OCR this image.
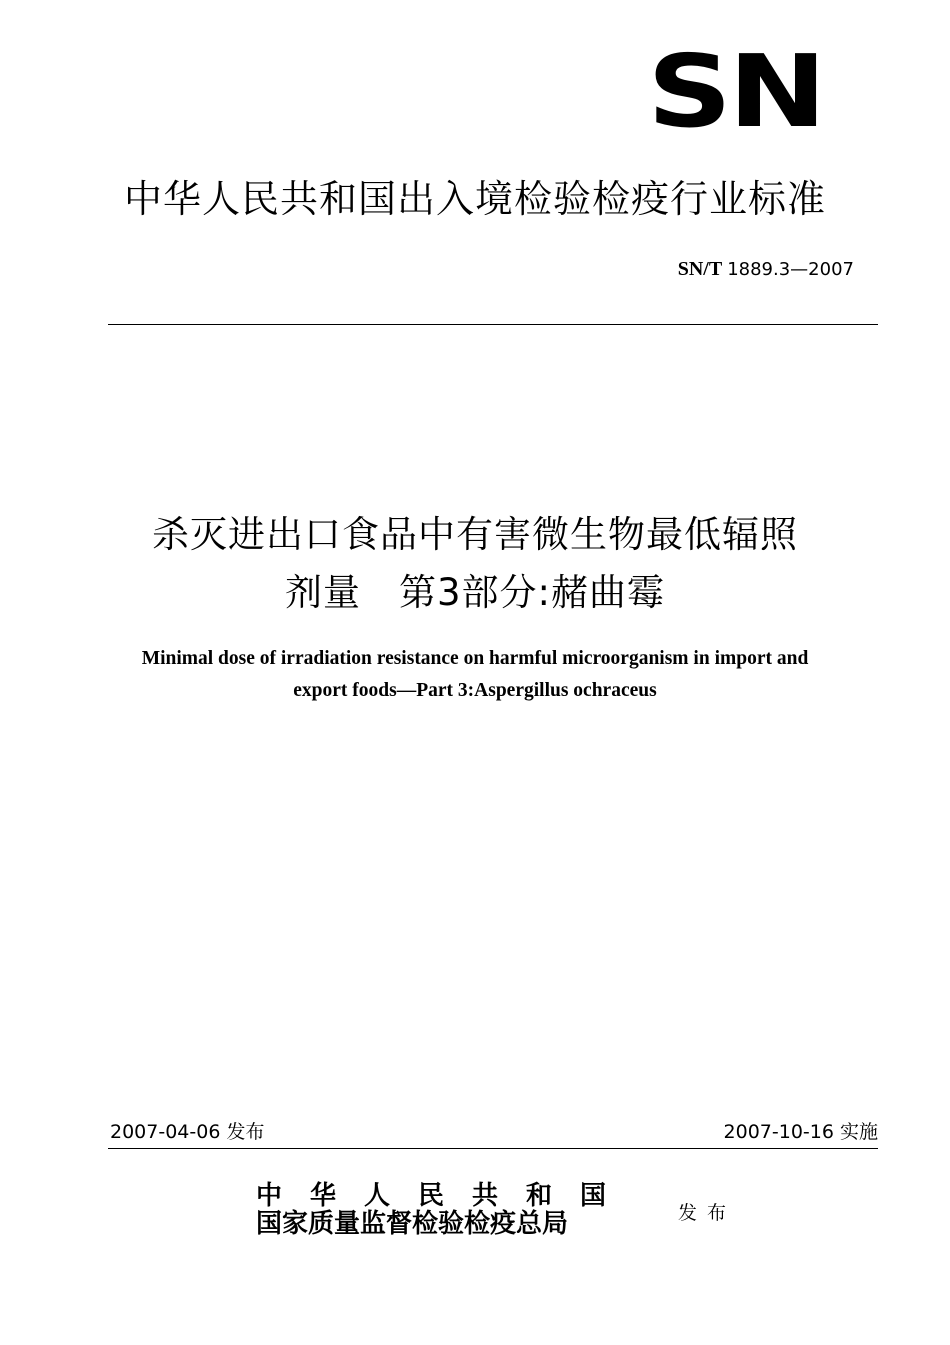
SN
中华人民共和国出入境检验检疫行业标准
SN/T 1889.3—2007
杀灭进出口食品中有害微生物最低辐照
剂量　第3部分:赭曲霉
Minimal dose of irradiation resistance on harmful microorganism in import and
export foods—Part 3:Aspergillus ochraceus
2007-04-06 发布	2007-10-16 实施
中华人民共和国
国家质量监督检验检疫总局	发布
